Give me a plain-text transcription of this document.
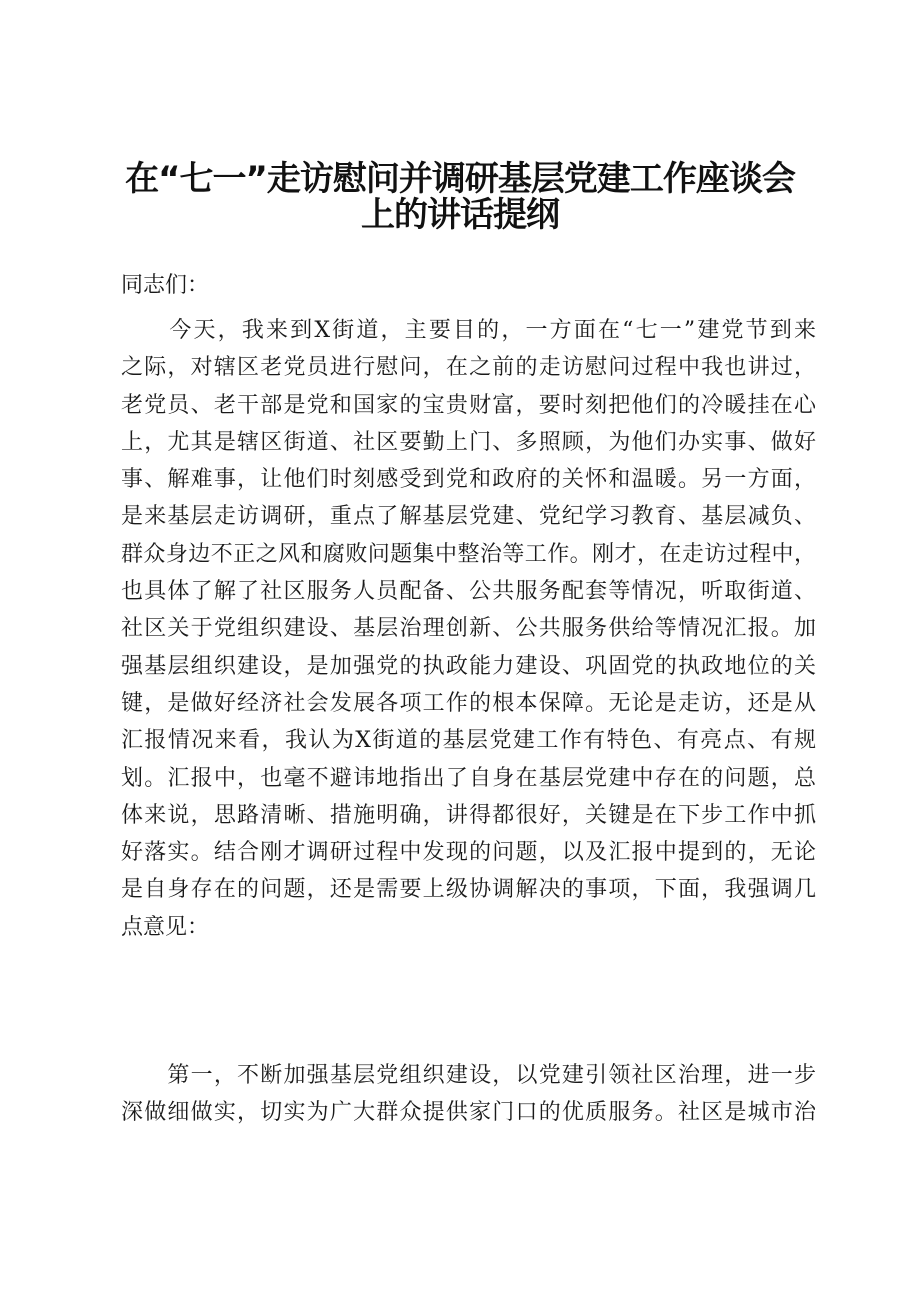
在“七一”走访慰问并调研基层党建工作座谈会
上的讲话提纲
同志们：
　　今天，我来到X街道，主要目的，一方面在“七一”建党节到来
之际，对辖区老党员进行慰问，在之前的走访慰问过程中我也讲过，
老党员、老干部是党和国家的宝贵财富，要时刻把他们的冷暖挂在心
上，尤其是辖区街道、社区要勤上门、多照顾，为他们办实事、做好
事、解难事，让他们时刻感受到党和政府的关怀和温暖。另一方面，
是来基层走访调研，重点了解基层党建、党纪学习教育、基层减负、
群众身边不正之风和腐败问题集中整治等工作。刚才，在走访过程中，
也具体了解了社区服务人员配备、公共服务配套等情况，听取街道、
社区关于党组织建设、基层治理创新、公共服务供给等情况汇报。加
强基层组织建设，是加强党的执政能力建设、巩固党的执政地位的关
键，是做好经济社会发展各项工作的根本保障。无论是走访，还是从
汇报情况来看，我认为X街道的基层党建工作有特色、有亮点、有规
划。汇报中，也毫不避讳地指出了自身在基层党建中存在的问题，总
体来说，思路清晰、措施明确，讲得都很好，关键是在下步工作中抓
好落实。结合刚才调研过程中发现的问题，以及汇报中提到的，无论
是自身存在的问题，还是需要上级协调解决的事项，下面，我强调几
点意见：
　　第一，不断加强基层党组织建设，以党建引领社区治理，进一步
深做细做实，切实为广大群众提供家门口的优质服务。社区是城市治
